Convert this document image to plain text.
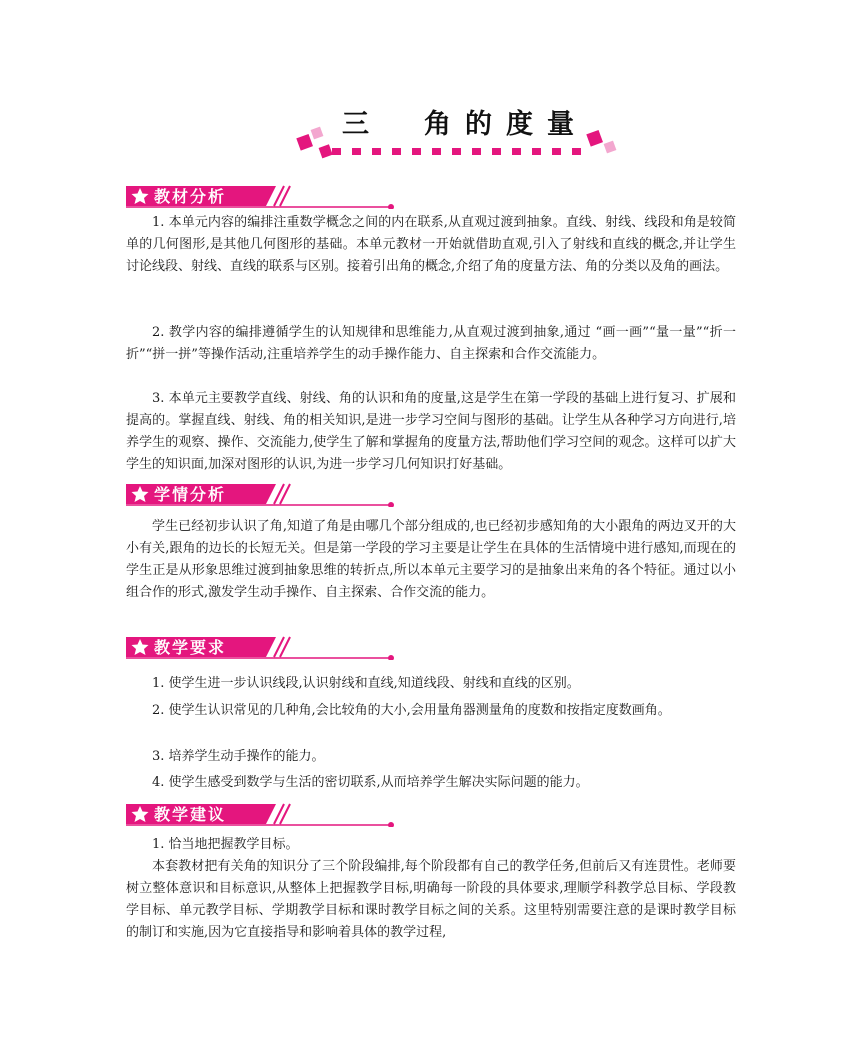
三　角的度量
教材分析

1. 本单元内容的编排注重数学概念之间的内在联系,从直观过渡到抽象。直线、射线、线段和角是较简单的几何图形,是其他几何图形的基础。本单元教材一开始就借助直观,引入了射线和直线的概念,并让学生讨论线段、射线、直线的联系与区别。接着引出角的概念,介绍了角的度量方法、角的分类以及角的画法。

2. 教学内容的编排遵循学生的认知规律和思维能力,从直观过渡到抽象,通过 “画一画”“量一量”“折一折”“拼一拼”等操作活动,注重培养学生的动手操作能力、自主探索和合作交流能力。

3. 本单元主要教学直线、射线、角的认识和角的度量,这是学生在第一学段的基础上进行复习、扩展和提高的。掌握直线、射线、角的相关知识,是进一步学习空间与图形的基础。让学生从各种学习方向进行,培养学生的观察、操作、交流能力,使学生了解和掌握角的度量方法,帮助他们学习空间的观念。这样可以扩大学生的知识面,加深对图形的认识,为进一步学习几何知识打好基础。

学情分析

学生已经初步认识了角,知道了角是由哪几个部分组成的,也已经初步感知角的大小跟角的两边叉开的大小有关,跟角的边长的长短无关。但是第一学段的学习主要是让学生在具体的生活情境中进行感知,而现在的学生正是从形象思维过渡到抽象思维的转折点,所以本单元主要学习的是抽象出来角的各个特征。通过以小组合作的形式,激发学生动手操作、自主探索、合作交流的能力。

教学要求

1. 使学生进一步认识线段,认识射线和直线,知道线段、射线和直线的区别。

2. 使学生认识常见的几种角,会比较角的大小,会用量角器测量角的度数和按指定度数画角。

3. 培养学生动手操作的能力。

4. 使学生感受到数学与生活的密切联系,从而培养学生解决实际问题的能力。

教学建议

1. 恰当地把握教学目标。

本套教材把有关角的知识分了三个阶段编排,每个阶段都有自己的教学任务,但前后又有连贯性。老师要树立整体意识和目标意识,从整体上把握教学目标,明确每一阶段的具体要求,理顺学科教学总目标、学段教学目标、单元教学目标、学期教学目标和课时教学目标之间的关系。这里特别需要注意的是课时教学目标的制订和实施,因为它直接指导和影响着具体的教学过程,
